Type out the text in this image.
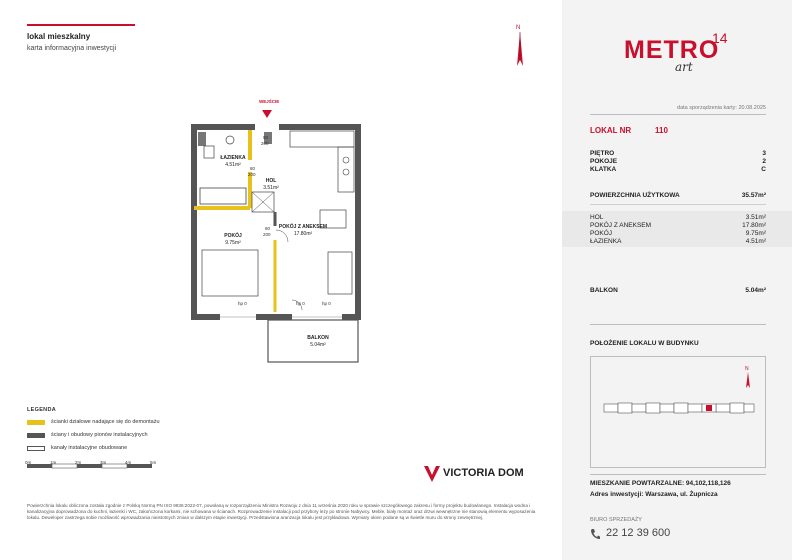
lokal mieszkalny
karta informacyjna inwestycji
N
WEJŚCIE
ŁAZIENKA
4.51m²
HOL
3.51m²
POKÓJ Z ANEKSEM
17.80m²
POKÓJ
9.75m²
BALKON
5.04m²
90
200
80
200
80
200
hp 0	hp 0	hp 0
LEGENDA
ścianki działowe nadające się do demontażu
ściany i obudowy pionów instalacyjnych
kanały instalacyjne obudowane
0m	1m	2m	3m	4m	5m
VICTORIA DOM
Powierzchnia lokalu obliczona została zgodnie z Polską Normą PN ISO 9836:2022-07, powołaną w rozporządzeniu Ministra Rozwoju z dnia 11 września 2020 roku w sprawie szczegółowego zakresu i formy projektu budowlanego. Instalacja wodna i kanalizacyjna doprowadzona do kuchni, łazienki i WC, zakończona korkami, nie schowana w ścianach. Rozprowadzenie instalacji pod przybory leży po stronie Nabywcy. Meble, biały montaż oraz drzwi wewnętrzne nie stanowią elementu wyposażenia lokalu. Deweloper zastrzega sobie możliwość wprowadzania nieistotnych zmian w dalszym etapie inwestycji. Przedstawiona aranżacja lokalu jest przykładowa. Wymiary okien podane są w świetle muru do strony zewnętrznej.
METRO
14
art
data sporządzenia karty: 20.08.2025
LOKAL NR	110
PIĘTRO	3
POKOJE	2
KLATKA	C
POWIERZCHNIA UŻYTKOWA	35.57m²
HOL	3.51m²
POKÓJ Z ANEKSEM	17.80m²
POKÓJ	9.75m²
ŁAZIENKA	4.51m²
BALKON	5.04m²
POŁOŻENIE LOKALU W BUDYNKU
N
MIESZKANIE POWTARZALNE: 94,102,118,126
Adres inwestycji: Warszawa, ul. Żupnicza
BIURO SPRZEDAŻY
22 12 39 600
